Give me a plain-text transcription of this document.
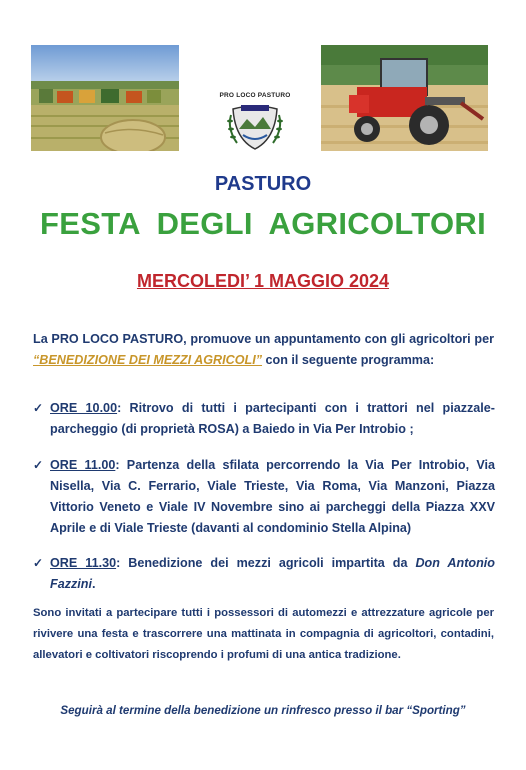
PRO LOCO PASTURO
PASTURO
FESTA DEGLI AGRICOLTORI
MERCOLEDI’ 1 MAGGIO 2024
La PRO LOCO PASTURO, promuove un appuntamento con gli agricoltori per “BENEDIZIONE DEI MEZZI AGRICOLI” con il seguente programma:
✓ ORE 10.00: Ritrovo di tutti i partecipanti con i trattori nel piazzale-parcheggio (di proprietà ROSA) a Baiedo in Via Per Introbio ;
✓ ORE 11.00: Partenza della sfilata percorrendo la Via Per Introbio, Via Nisella, Via C. Ferrario, Viale Trieste, Via Roma, Via Manzoni, Piazza Vittorio Veneto e Viale IV Novembre sino ai parcheggi della Piazza XXV Aprile e di Viale Trieste (davanti al condominio Stella Alpina)
✓ ORE 11.30: Benedizione dei mezzi agricoli impartita da Don Antonio Fazzini.
Sono invitati a partecipare tutti i possessori di automezzi e attrezzature agricole per rivivere una festa e trascorrere una mattinata in compagnia di agricoltori, contadini, allevatori e coltivatori riscoprendo i profumi di una antica tradizione.
Seguirà al termine della benedizione un rinfresco presso il bar “Sporting”
